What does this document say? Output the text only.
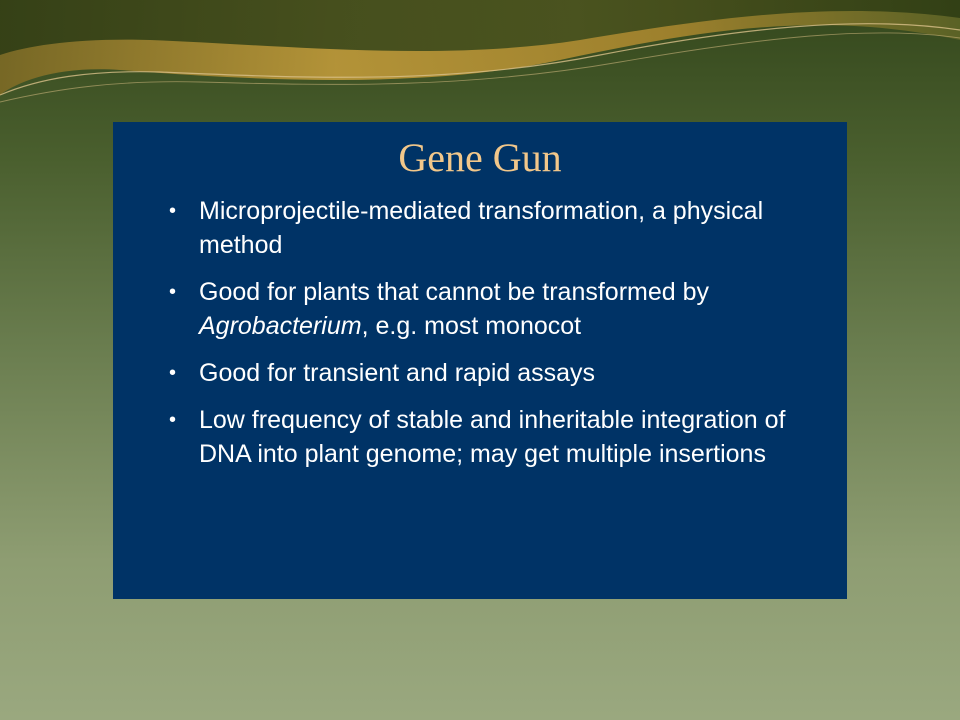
Gene Gun
• Microprojectile-mediated transformation, a physical method
• Good for plants that cannot be transformed by Agrobacterium, e.g. most monocot
• Good for transient and rapid assays
• Low frequency of stable and inheritable integration of DNA into plant genome; may get multiple insertions
